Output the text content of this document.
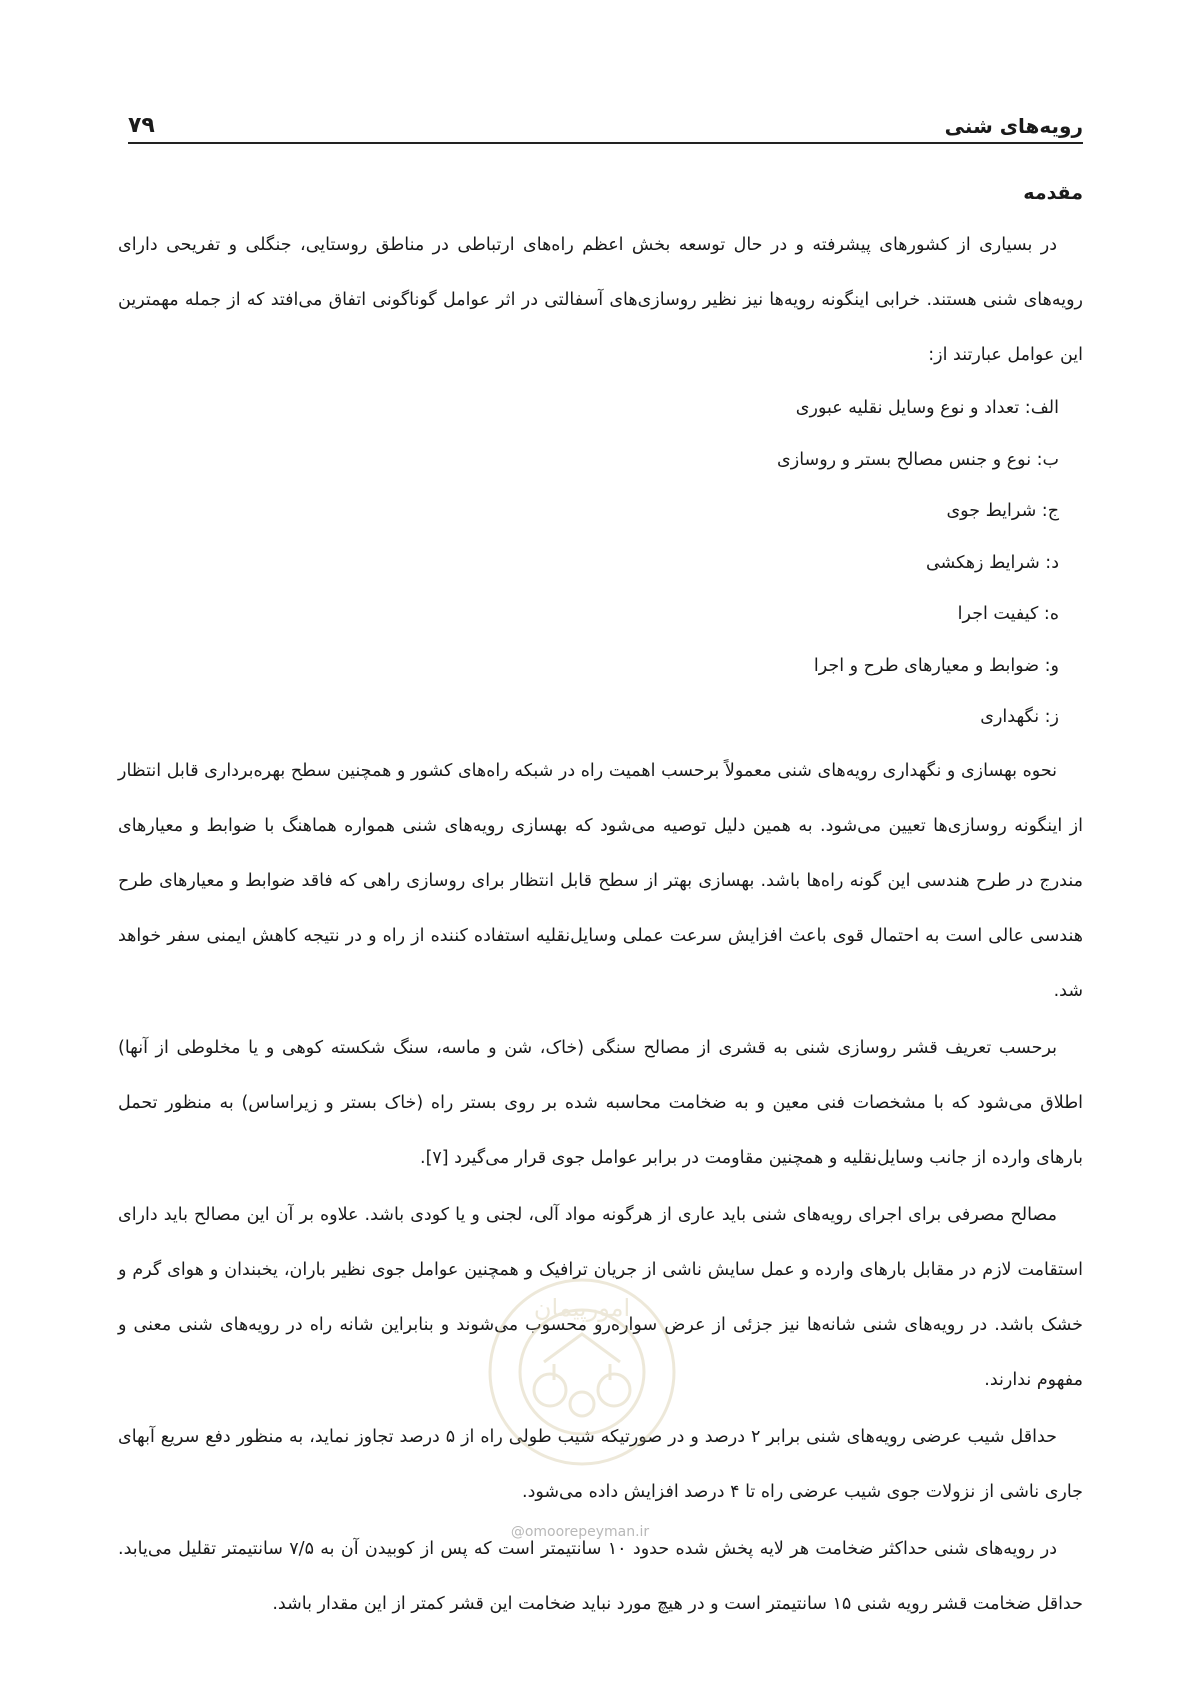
رویه‌های شنی
۷۹
مقدمه

در بسیاری از کشورهای پیشرفته و در حال توسعه بخش اعظم راه‌های ارتباطی در مناطق روستایی، جنگلی و تفریحی دارای رویه‌های شنی هستند. خرابی اینگونه رویه‌ها نیز نظیر روسازی‌های آسفالتی در اثر عوامل گوناگونی اتفاق می‌افتد که از جمله مهمترین این عوامل عبارتند از:

الف: تعداد و نوع وسایل نقلیه عبوری
ب: نوع و جنس مصالح بستر و روسازی
ج: شرایط جوی
د: شرایط زهکشی
ه: کیفیت اجرا
و: ضوابط و معیارهای طرح و اجرا
ز: نگهداری

نحوه بهسازی و نگهداری رویه‌های شنی معمولاً برحسب اهمیت راه در شبکه راه‌های کشور و همچنین سطح بهره‌برداری قابل انتظار از اینگونه روسازی‌ها تعیین می‌شود. به همین دلیل توصیه می‌شود که بهسازی رویه‌های شنی همواره هماهنگ با ضوابط و معیارهای مندرج در طرح هندسی این گونه راه‌ها باشد. بهسازی بهتر از سطح قابل انتظار برای روسازی راهی که فاقد ضوابط و معیارهای طرح هندسی عالی است به احتمال قوی باعث افزایش سرعت عملی وسایل‌نقلیه استفاده کننده از راه و در نتیجه کاهش ایمنی سفر خواهد شد.

برحسب تعریف قشر روسازی شنی به قشری از مصالح سنگی (خاک، شن و ماسه، سنگ شکسته کوهی و یا مخلوطی از آنها) اطلاق می‌شود که با مشخصات فنی معین و به ضخامت محاسبه شده بر روی بستر راه (خاک بستر و زیراساس) به منظور تحمل بارهای وارده از جانب وسایل‌نقلیه و همچنین مقاومت در برابر عوامل جوی قرار می‌گیرد [۷].

مصالح مصرفی برای اجرای رویه‌های شنی باید عاری از هرگونه مواد آلی، لجنی و یا کودی باشد. علاوه بر آن این مصالح باید دارای استقامت لازم در مقابل بارهای وارده و عمل سایش ناشی از جریان ترافیک و همچنین عوامل جوی نظیر باران، یخبندان و هوای گرم و خشک باشد. در رویه‌های شنی شانه‌ها نیز جزئی از عرض سواره‌رو محسوب می‌شوند و بنابراین شانه راه در رویه‌های شنی معنی و مفهوم ندارند.

حداقل شیب عرضی رویه‌های شنی برابر ۲ درصد و در صورتیکه شیب طولی راه از ۵ درصد تجاوز نماید، به منظور دفع سریع آبهای جاری ناشی از نزولات جوی شیب عرضی راه تا ۴ درصد افزایش داده می‌شود.

در رویه‌های شنی حداکثر ضخامت هر لایه پخش شده حدود ۱۰ سانتیمتر است که پس از کوبیدن آن به ۷/۵ سانتیمتر تقلیل می‌یابد. حداقل ضخامت قشر رویه شنی ۱۵ سانتیمتر است و در هیچ مورد نباید ضخامت این قشر کمتر از این مقدار باشد.

امورپیمان
@omoorepeyman.ir
